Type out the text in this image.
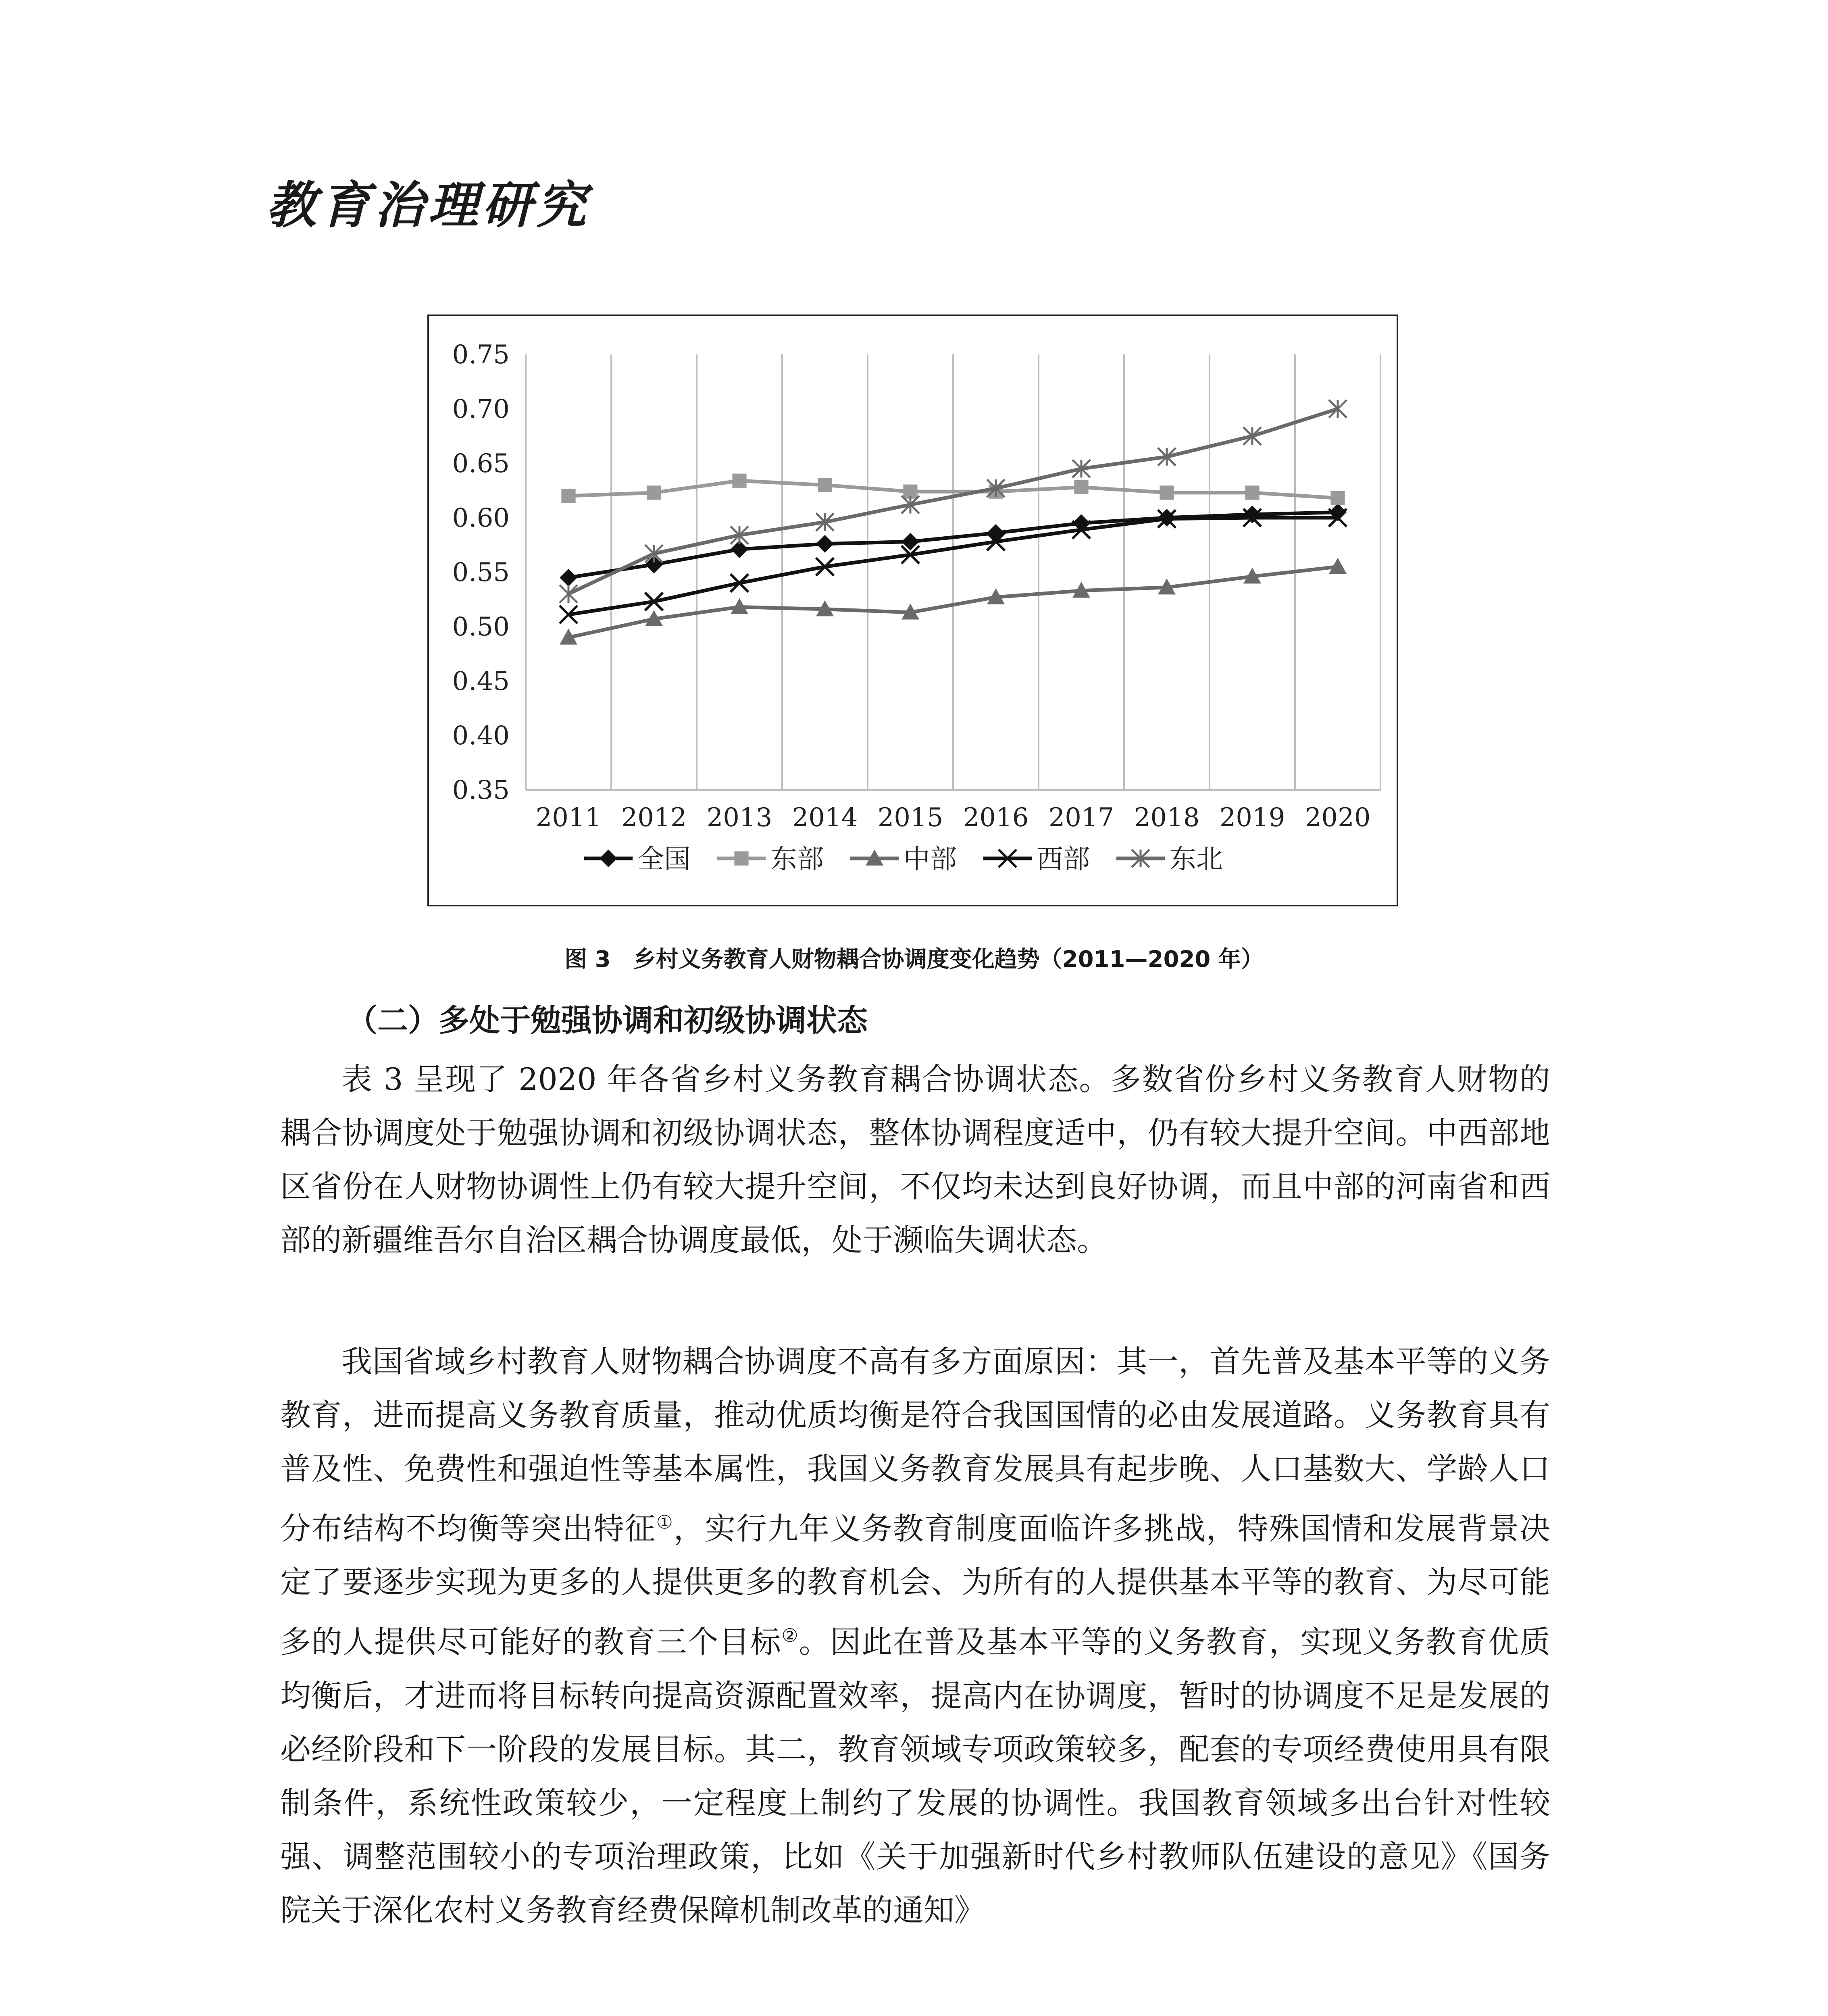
教育治理研究
0.75
0.70
0.65
0.60
0.55
0.50
0.45
0.40
0.35
2011 2012 2013 2014 2015 2016 2017 2018 2019 2020
全国	东部	中部	西部	东北
图 3　乡村义务教育人财物耦合协调度变化趋势（2011—2020 年）
（二）多处于勉强协调和初级协调状态

表 3 呈现了 2020 年各省乡村义务教育耦合协调状态。多数省份乡村义务教育人财物的耦合协调度处于勉强协调和初级协调状态，整体协调程度适中，仍有较大提升空间。中西部地区省份在人财物协调性上仍有较大提升空间，不仅均未达到良好协调，而且中部的河南省和西部的新疆维吾尔自治区耦合协调度最低，处于濒临失调状态。

我国省域乡村教育人财物耦合协调度不高有多方面原因：其一，首先普及基本平等的义务教育，进而提高义务教育质量，推动优质均衡是符合我国国情的必由发展道路。义务教育具有普及性、免费性和强迫性等基本属性，我国义务教育发展具有起步晚、人口基数大、学龄人口分布结构不均衡等突出特征①，实行九年义务教育制度面临许多挑战，特殊国情和发展背景决定了要逐步实现为更多的人提供更多的教育机会、为所有的人提供基本平等的教育、为尽可能多的人提供尽可能好的教育三个目标②。因此在普及基本平等的义务教育，实现义务教育优质均衡后，才进而将目标转向提高资源配置效率，提高内在协调度，暂时的协调度不足是发展的必经阶段和下一阶段的发展目标。其二，教育领域专项政策较多，配套的专项经费使用具有限制条件，系统性政策较少，一定程度上制约了发展的协调性。我国教育领域多出台针对性较强、调整范围较小的专项治理政策，比如《关于加强新时代乡村教师队伍建设的意见》《国务院关于深化农村义务教育经费保障机制改革的通知》
